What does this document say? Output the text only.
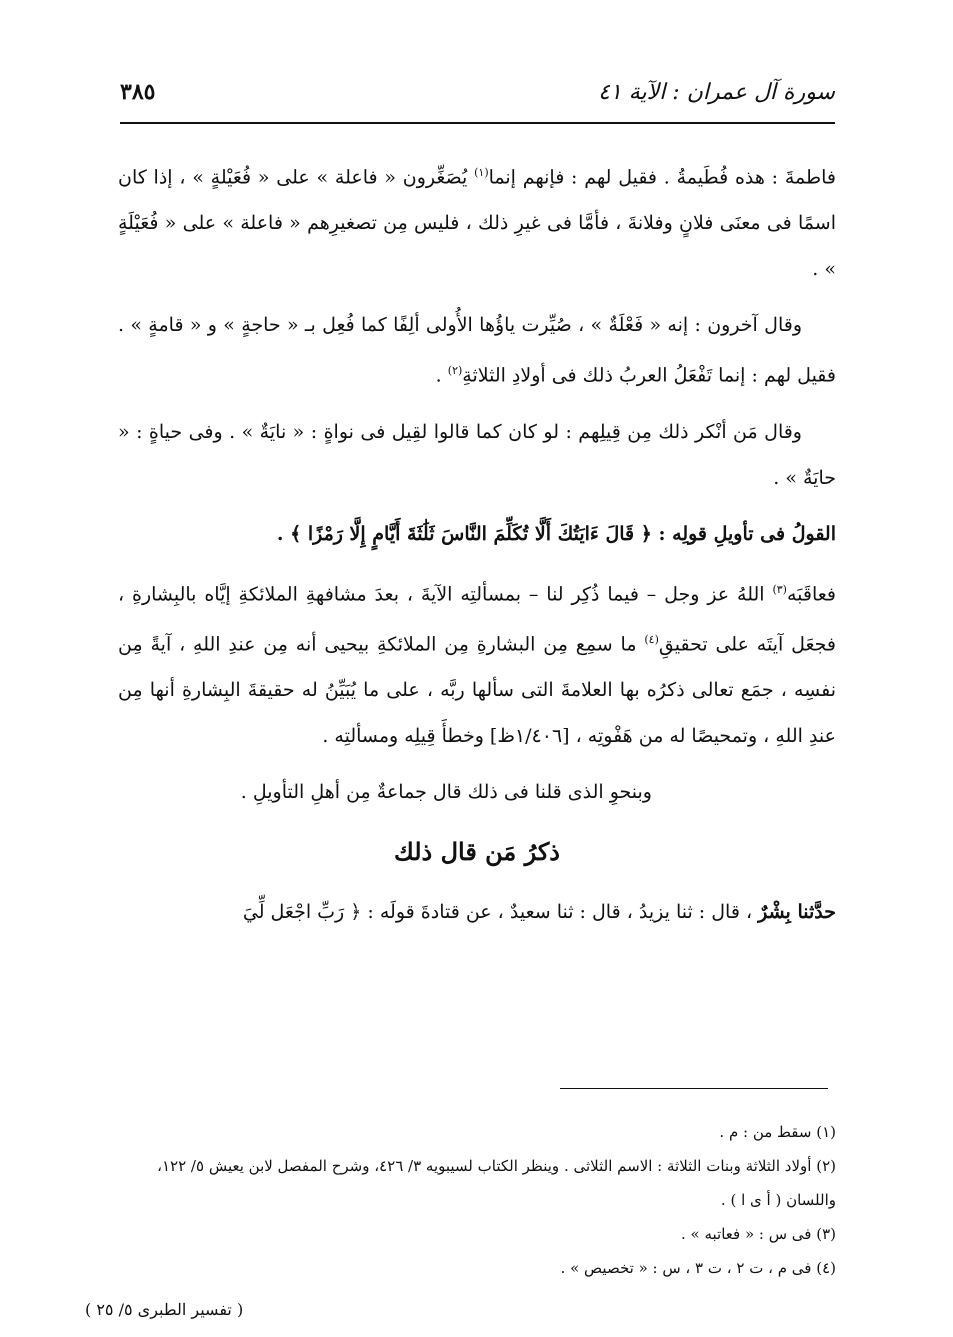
٣٨٥	سورة آل عمران : الآية ٤١

فاطمةَ : هذه فُطَيمةُ . فقيل لهم : فإنهم إنما$^{(١)}$ يُصَغِّرون « فاعلة » على « فُعَيْلةٍ » ، إذا كان اسمًا فى معنَى فلانٍ وفلانةَ ، فأمَّا فى غيرِ ذلك ، فليس مِن تصغيرِهم « فاعلة » على « فُعَيْلَةٍ » .

وقال آخرون : إنه « فَعْلَةٌ » ، صُيِّرت ياؤُها الأُولى ألِفًا كما فُعِل بـ « حاجةٍ » و « قامةٍ » . فقيل لهم : إنما تَفْعَلُ العربُ ذلك فى أولادِ الثلاثةِ$^{(٢)}$ .

وقال مَن أنْكر ذلك مِن قِيلِهم : لو كان كما قالوا لقِيل فى نواةٍ : « نايَةٌ » . وفى حياةٍ : « حايَةٌ » .

القولُ فى تأويلِ قولِه : ﴿ قَالَ ءَايَتُكَ أَلَّا تُكَلِّمَ النَّاسَ ثَلَٰثَةَ أَيَّامٍ إِلَّا رَمْزًا ﴾ .

فعاقَبَه$^{(٣)}$ اللهُ عز وجل – فيما ذُكِر لنا – بمسألتِه الآيةَ ، بعدَ مشافهةِ الملائكةِ إيَّاه بالبِشارةِ ، فجعَل آيتَه على تحقيقِ$^{(٤)}$ ما سمِع مِن البشارةِ مِن الملائكةِ بيحيى أنه مِن عندِ اللهِ ، آيةً مِن نفسِه ، جمَع تعالى ذكرُه بها العلامةَ التى سألها ربَّه ، على ما يُبَيِّنُ له حقيقةَ البِشارةِ أنها مِن عندِ اللهِ ، وتمحيصًا له من هَفْوتِه ، [١/٤٠٦ظ] وخطأَ قِيلِه ومسألتِه .

وبنحوِ الذى قلنا فى ذلك قال جماعةٌ مِن أهلِ التأويلِ .

ذكرُ مَن قال ذلك

حدَّثنا بِشْرٌ ، قال : ثنا يزيدُ ، قال : ثنا سعيدٌ ، عن قتادةَ قولَه : ﴿ رَبِّ اجْعَل لِّيَ

(١) سقط من : م .
(٢) أولاد الثلاثة وبنات الثلاثة : الاسم الثلاثى . وينظر الكتاب لسيبويه ٣/ ٤٢٦، وشرح المفصل لابن يعيش ٥/ ١٢٢، واللسان ( أ ى ا ) .
(٣) فى س : « فعاتبه » .
(٤) فى م ، ت ٢ ، ت ٣ ، س : « تخصيص » .
( تفسير الطبرى ٥/ ٢٥ )
